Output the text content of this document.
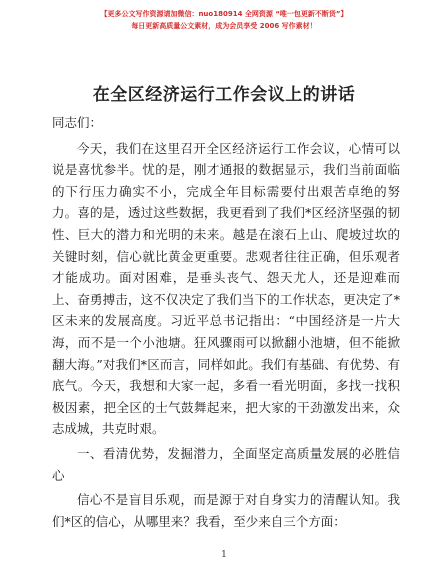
【更多公文写作资源请加微信：nuo180914 全网资源 “唯一包更新不断货”】
每日更新高质量公文素材，成为会员享受 2006 写作素材！
在全区经济运行工作会议上的讲话

同志们：

今天，我们在这里召开全区经济运行工作会议，心情可以说是喜忧参半。忧的是，刚才通报的数据显示，我们当前面临的下行压力确实不小，完成全年目标需要付出艰苦卓绝的努力。喜的是，透过这些数据，我更看到了我们*区经济坚强的韧性、巨大的潜力和光明的未来。越是在滚石上山、爬坡过坎的关键时刻，信心就比黄金更重要。悲观者往往正确，但乐观者才能成功。面对困难，是垂头丧气、怨天尤人，还是迎难而上、奋勇搏击，这不仅决定了我们当下的工作状态，更决定了*区未来的发展高度。习近平总书记指出：“中国经济是一片大海，而不是一个小池塘。狂风骤雨可以掀翻小池塘，但不能掀翻大海。”对我们*区而言，同样如此。我们有基础、有优势、有底气。今天，我想和大家一起，多看一看光明面，多找一找积极因素，把全区的士气鼓舞起来，把大家的干劲激发出来，众志成城，共克时艰。

一、看清优势，发掘潜力，全面坚定高质量发展的必胜信心

信心不是盲目乐观，而是源于对自身实力的清醒认知。我们*区的信心，从哪里来？我看，至少来自三个方面：

1
